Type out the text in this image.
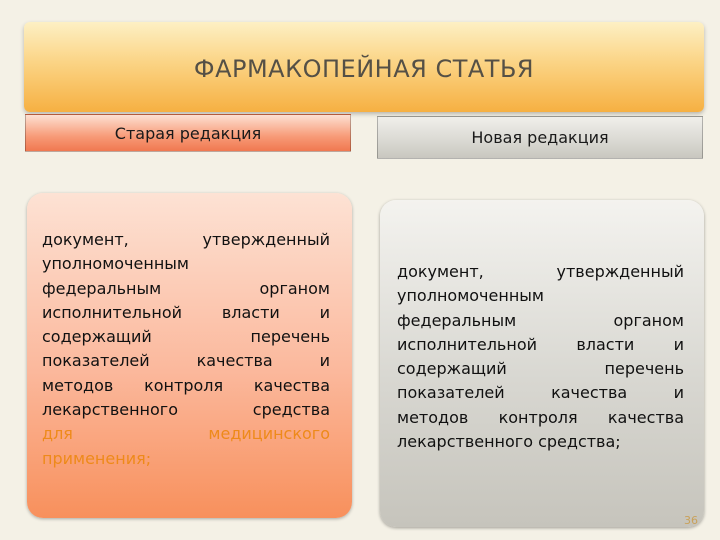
ФАРМАКОПЕЙНАЯ СТАТЬЯ
Старая редакция	Новая редакция
документ, утвержденный
уполномоченным
федеральным органом
исполнительной власти и
содержащий перечень
показателей качества и
методов контроля качества
лекарственного средства
для медицинского
применения;
документ, утвержденный
уполномоченным
федеральным органом
исполнительной власти и
содержащий перечень
показателей качества и
методов контроля качества
лекарственного средства;
36
